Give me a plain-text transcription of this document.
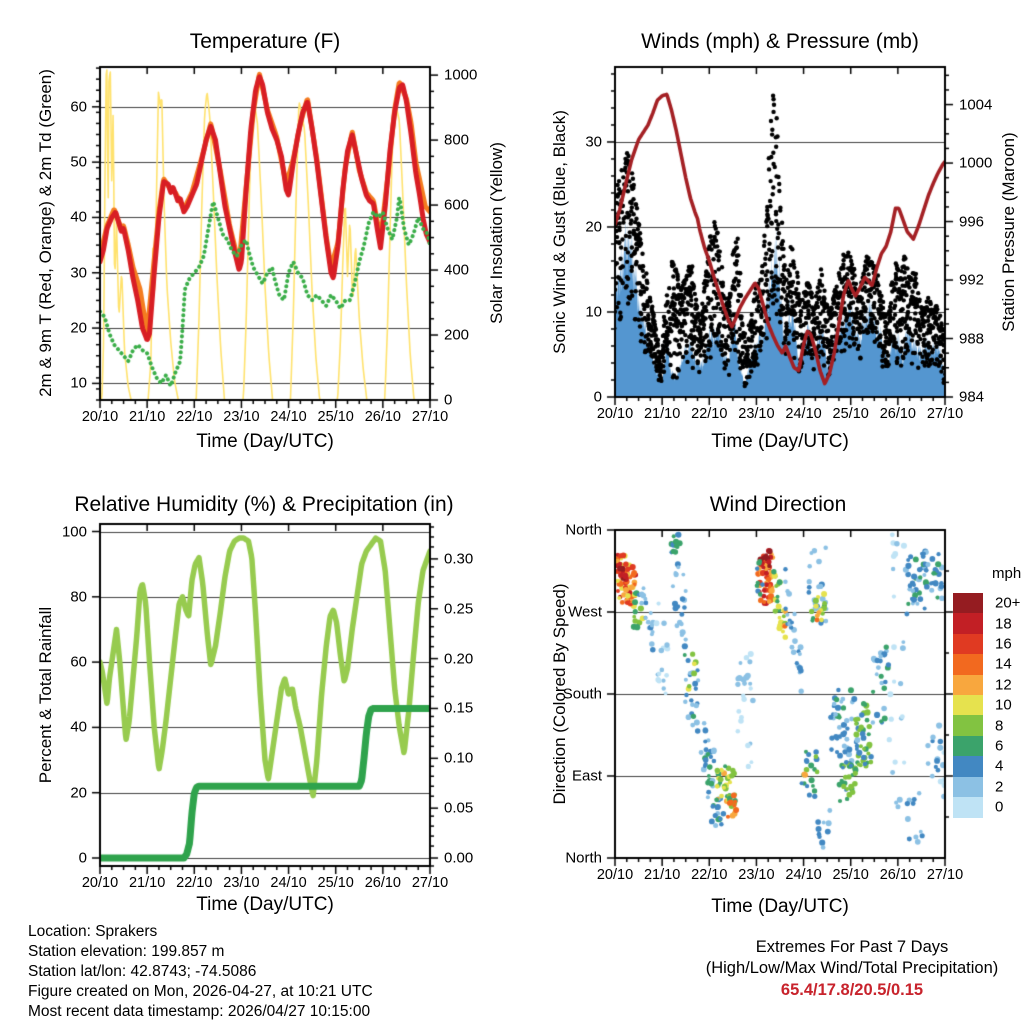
Temperature (F)	Winds (mph) & Pressure (mb)
Relative Humidity (%) & Precipitation (in)	Wind Direction
2m & 9m T (Red, Orange) & 2m Td (Green)	Solar Insolation (Yellow)	Sonic Wind & Gust (Blue, Black)	Station Pressure (Maroon)
Percent & Total Rainfall	Direction (Colored By Speed)
Time (Day/UTC)	Time (Day/UTC)
Time (Day/UTC)	Time (Day/UTC)
10
20
30
40
50
60
0
200
400
600
800
1000
20/10 21/10 22/10 23/10 24/10 25/10 26/10 27/10
0
10
20
30
984
988
992
996
1000
1004
20/10 21/10 22/10 23/10 24/10 25/10 26/10 27/10
0
20
40
60
80
100
0.00
0.05
0.10
0.15
0.20
0.25
0.30
20/10 21/10 22/10 23/10 24/10 25/10 26/10 27/10
North
West
South
East
North
20/10 21/10 22/10 23/10 24/10 25/10 26/10 27/10
mph
20+
18
16
14
12
10
8
6
4
2
0
Location: Sprakers
Station elevation: 199.857 m
Station lat/lon: 42.8743; -74.5086
Figure created on Mon, 2026-04-27, at 10:21 UTC
Most recent data timestamp: 2026/04/27 10:15:00
Extremes For Past 7 Days
(High/Low/Max Wind/Total Precipitation)
65.4/17.8/20.5/0.15
